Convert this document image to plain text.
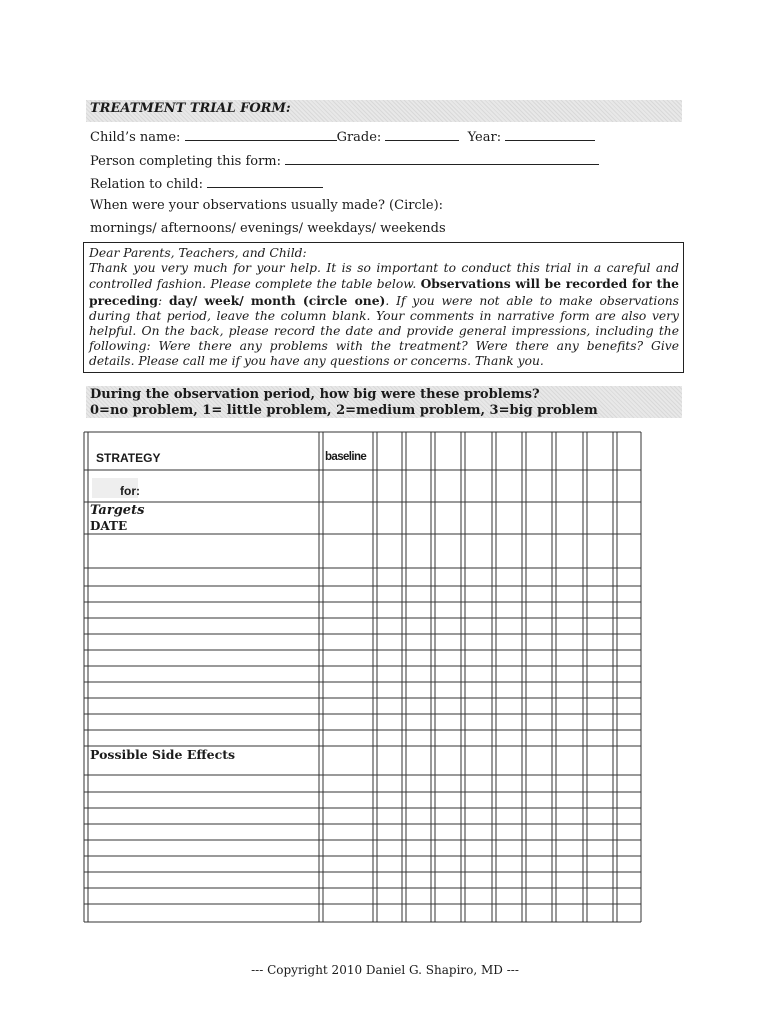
TREATMENT TRIAL FORM:
Child’s name:	Grade:	Year:
Person completing this form:
Relation to child:
When were your observations usually made? (Circle):
mornings/ afternoons/ evenings/ weekdays/ weekends
Dear Parents, Teachers, and Child:
Thank you very much for your help. It is so important to conduct this trial in a careful and controlled fashion. Please complete the table below. Observations will be recorded for the preceding: day/ week/ month (circle one). If you were not able to make observations during that period, leave the column blank. Your comments in narrative form are also very helpful. On the back, please record the date and provide general impressions, including the following: Were there any problems with the treatment? Were there any benefits? Give details. Please call me if you have any questions or concerns. Thank you.
During the observation period, how big were these problems?
0=no problem, 1= little problem, 2=medium problem, 3=big problem
STRATEGY
for:
baseline
Targets
DATE
Possible Side Effects
--- Copyright 2010 Daniel G. Shapiro, MD ---
